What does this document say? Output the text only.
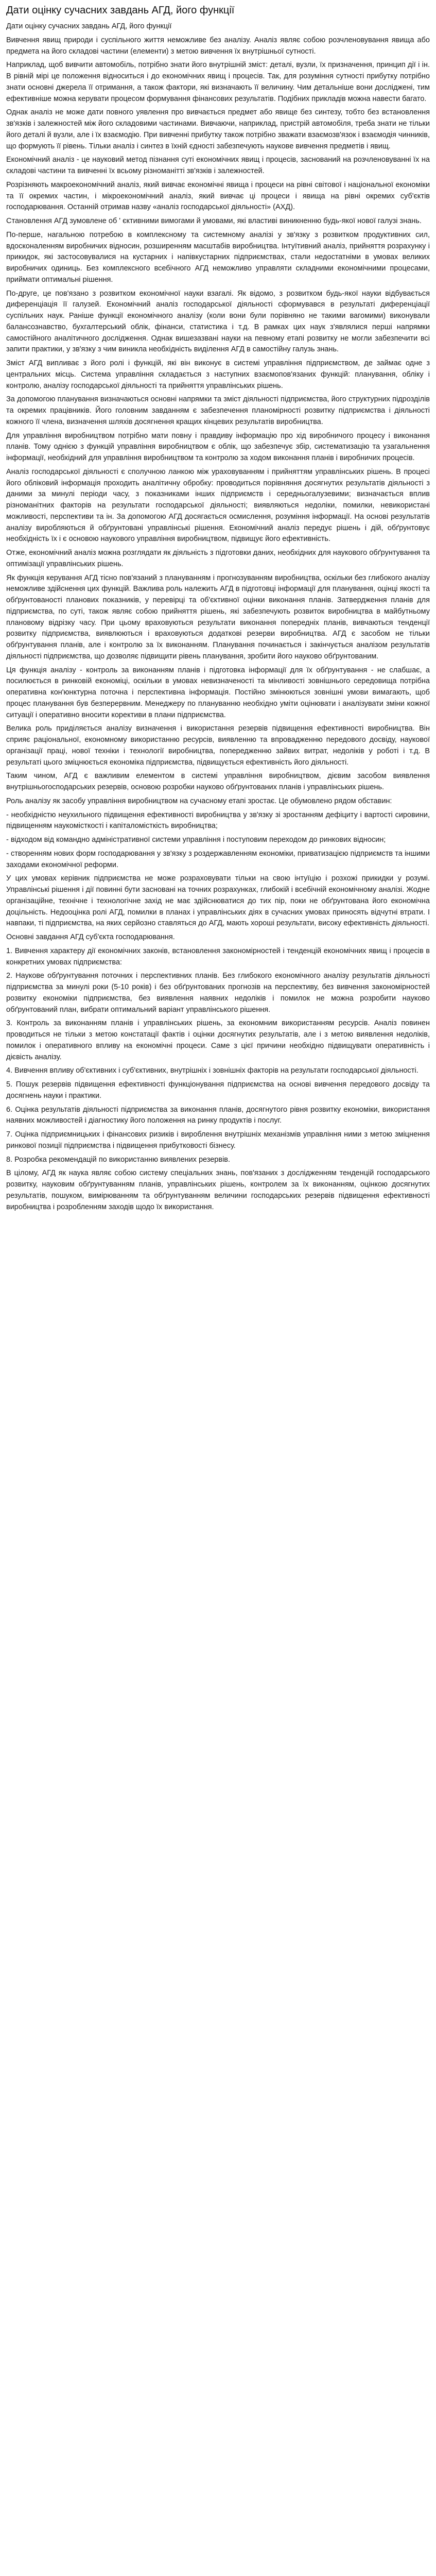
Дати оцінку сучасних завдань АГД, його функції

Дати оцінку сучасних завдань АГД, його функції

Вивчення явищ природи і суспільного життя неможливе без аналізу. Аналіз являє собою розчленовування явища або предмета на його складові частини (елементи) з метою вивчення їх внутрішньої сутності.

Наприклад, щоб вивчити автомобіль, потрібно знати його внутрішній зміст: деталі, вузли, їх призначення, принцип дії і ін. В рівній мірі це положення відноситься і до економічних явищ і процесів. Так, для розуміння сутності прибутку потрібно знати основні джерела її отримання, а також фактори, які визначають її величину. Чим детальніше вони досліджені, тим ефективніше можна керувати процесом формування фінансових результатів. Подібних прикладів можна навести багато.

Однак аналіз не може дати повного уявлення про вивчається предмет або явище без синтезу, тобто без встановлення зв'язків і залежностей між його складовими частинами. Вивчаючи, наприклад, пристрій автомобіля, треба знати не тільки його деталі й вузли, але і їх взаємодію. При вивченні прибутку також потрібно зважати взаємозв'язок і взаємодія чинників, що формують її рівень. Тільки аналіз і синтез в їхній єдності забезпечують наукове вивчення предметів і явищ.

Економічний аналіз - це науковий метод пізнання суті економічних явищ і процесів, заснований на розчленовуванні їх на складові частини та вивченні їх всьому різноманітті зв'язків і залежностей.

Розрізняють макроекономічний аналіз, який вивчає економічні явища і процеси на рівні світової і національної економіки та її окремих частин, і мікроекономічний аналіз, який вивчає ці процеси і явища на рівні окремих суб'єктів господарювання. Останній отримав назву «аналіз господарської діяльності» (АХД).

Становлення АГД зумовлене об ' єктивними вимогами й умовами, які властиві виникненню будь-якої нової галузі знань.

По-перше, нагальною потребою в комплексному та системному аналізі у зв'язку з розвитком продуктивних сил, вдосконаленням виробничих відносин, розширенням масштабів виробництва. Інтуїтивний аналіз, прийняття розрахунку і прикидок, які застосовувалися на кустарних і напівкустарних підприємствах, стали недостатніми в умовах великих виробничих одиниць. Без комплексного всебічного АГД неможливо управляти складними економічними процесами, приймати оптимальні рішення.

По-друге, це пов'язано з розвитком економічної науки взагалі. Як відомо, з розвитком будь-якої науки відбувається диференціація її галузей. Економічний аналіз господарської діяльності сформувався в результаті диференціації суспільних наук. Раніше функції економічного аналізу (коли вони були порівняно не такими вагомими) виконували балансознавство, бухгалтерський облік, фінанси, статистика і т.д. В рамках цих наук з'являлися перші напрямки самостійного аналітичного дослідження. Однак вишезазвані науки на певному етапі розвитку не могли забезпечити всі запити практики, у зв'язку з чим виникла необхідність виділення АГД в самостійну галузь знань.

Зміст АГД випливає з його ролі і функцій, які він виконує в системі управління підприємством, де займає одне з центральних місць. Система управління складається з наступних взаємопов'язаних функцій: планування, обліку і контролю, аналізу господарської діяльності та прийняття управлінських рішень.

За допомогою планування визначаються основні напрямки та зміст діяльності підприємства, його структурних підрозділів та окремих працівників. Його головним завданням є забезпечення планомірності розвитку підприємства і діяльності кожного її члена, визначення шляхів досягнення кращих кінцевих результатів виробництва.

Для управління виробництвом потрібно мати повну і правдиву інформацію про хід виробничого процесу і виконання планів. Тому однією з функцій управління виробництвом є облік, що забезпечує збір, систематизацію та узагальнення інформації, необхідний для управління виробництвом та контролю за ходом виконання планів і виробничих процесів.

Аналіз господарської діяльності є сполучною ланкою між ураховуванням і прийняттям управлінських рішень. В процесі його обліковий інформація проходить аналітичну обробку: проводиться порівняння досягнутих результатів діяльності з даними за минулі періоди часу, з показниками інших підприємств і середньогалузевими; визначається вплив різноманітних факторів на результати господарської діяльності; виявляються недоліки, помилки, невикористані можливості, перспективи та ін. За допомогою АГД досягається осмислення, розуміння інформації. На основі результатів аналізу виробляються й обґрунтовані управлінські рішення. Економічний аналіз передує рішень і дій, обґрунтовує необхідність їх і є основою наукового управління виробництвом, підвищує його ефективність.

Отже, економічний аналіз можна розглядати як діяльність з підготовки даних, необхідних для наукового обґрунтування та оптимізації управлінських рішень.

Як функція керування АГД тісно пов'язаний з плануванням і прогнозуванням виробництва, оскільки без глибокого аналізу неможливе здійснення цих функцій. Важлива роль належить АГД в підготовці інформації для планування, оцінці якості та обґрунтованості планових показників, у перевірці та об'єктивної оцінки виконання планів. Затвердження планів для підприємства, по суті, також являє собою прийняття рішень, які забезпечують розвиток виробництва в майбутньому плановому відрізку часу. При цьому враховуються результати виконання попередніх планів, вивчаються тенденції розвитку підприємства, виявлюються і враховуються додаткові резерви виробництва. АГД є засобом не тільки обґрунтування планів, але і контролю за їх виконанням. Планування починається і закінчується аналізом результатів діяльності підприємства, що дозволяє підвищити рівень планування, зробити його науково обґрунтованим.

Ця функція аналізу - контроль за виконанням планів і підготовка інформації для їх обґрунтування - не слабшає, а посилюється в ринковій економіці, оскільки в умовах невизначеності та мінливості зовнішнього середовища потрібна оперативна кон'юнктурна поточна і перспективна інформація. Постійно змінюються зовнішні умови вимагають, щоб процес планування був безперервним. Менеджеру по плануванню необхідно уміти оцінювати і аналізувати зміни кожної ситуації і оперативно вносити корективи в плани підприємства.

Велика роль приділяється аналізу визначення і використання резервів підвищення ефективності виробництва. Він сприяє раціональної, економному використанню ресурсів, виявленню та впровадженню передового досвіду, наукової організації праці, нової техніки і технології виробництва, попередженню зайвих витрат, недоліків у роботі і т.д. В результаті цього зміцнюється економіка підприємства, підвищується ефективність його діяльності.

Таким чином, АГД є важливим елементом в системі управління виробництвом, дієвим засобом виявлення внутрішньогосподарських резервів, основою розробки науково обґрунтованих планів і управлінських рішень.

Роль аналізу як засобу управління виробництвом на сучасному етапі зростає. Це обумовлено рядом обставин:

- необхідністю неухильного підвищення ефективності виробництва у зв'язку зі зростанням дефіциту і вартості сировини, підвищенням наукомісткості і капіталомісткість виробництва;

- відходом від командно адміністративної системи управління і поступовим переходом до ринкових відносин;

- створенням нових форм господарювання у зв'язку з роздержавленням економіки, приватизацією підприємств та іншими заходами економічної реформи.

У цих умовах керівник підприємства не може розраховувати тільки на свою інтуїцію і розхожі прикидки у розумі. Управлінські рішення і дії повинні бути засновані на точних розрахунках, глибокій і всебічній економічному аналізі. Жодне організаційне, технічне і технологічне захід не має здійснюватися до тих пір, поки не обґрунтована його економічна доцільність. Недооцінка ролі АГД, помилки в планах і управлінських діях в сучасних умовах приносять відчутні втрати. І навпаки, ті підприємства, на яких серйозно ставляться до АГД, мають хороші результати, високу ефективність діяльності.

Основні завдання АГД суб'єкта господарювання.

1. Вивчення характеру дії економічних законів, встановлення закономірностей і тенденцій економічних явищ і процесів в конкретних умовах підприємства:

2. Наукове обґрунтування поточних і перспективних планів. Без глибокого економічного аналізу результатів діяльності підприємства за минулі роки (5-10 років) і без обґрунтованих прогнозів на перспективу, без вивчення закономірностей розвитку економіки підприємства, без виявлення наявних недоліків і помилок не можна розробити науково обґрунтований план, вибрати оптимальний варіант управлінського рішення.

3. Контроль за виконанням планів і управлінських рішень, за економним використанням ресурсів. Аналіз повинен проводиться не тільки з метою констатації фактів і оцінки досягнутих результатів, але і з метою виявлення недоліків, помилок і оперативного впливу на економічні процеси. Саме з цієї причини необхідно підвищувати оперативність і дієвість аналізу.

4. Вивчення впливу об'єктивних і суб'єктивних, внутрішніх і зовнішніх факторів на результати господарської діяльності.

5. Пошук резервів підвищення ефективності функціонування підприємства на основі вивчення передового досвіду та досягнень науки і практики.

6. Оцінка результатів діяльності підприємства за виконання планів, досягнутого рівня розвитку економіки, використання наявних можливостей і діагностику його положення на ринку продуктів і послуг.

7. Оцінка підприємницьких і фінансових ризиків і вироблення внутрішніх механізмів управління ними з метою зміцнення ринкової позиції підприємства і підвищення прибутковості бізнесу.

8. Розробка рекомендацій по використанню виявлених резервів.

В цілому, АГД як наука являє собою систему спеціальних знань, пов'язаних з дослідженням тенденцій господарського розвитку, науковим обґрунтуванням планів, управлінських рішень, контролем за їх виконанням, оцінкою досягнутих результатів, пошуком, вимірюванням та обґрунтуванням величини господарських резервів підвищення ефективності виробництва і розробленням заходів щодо їх використання.
